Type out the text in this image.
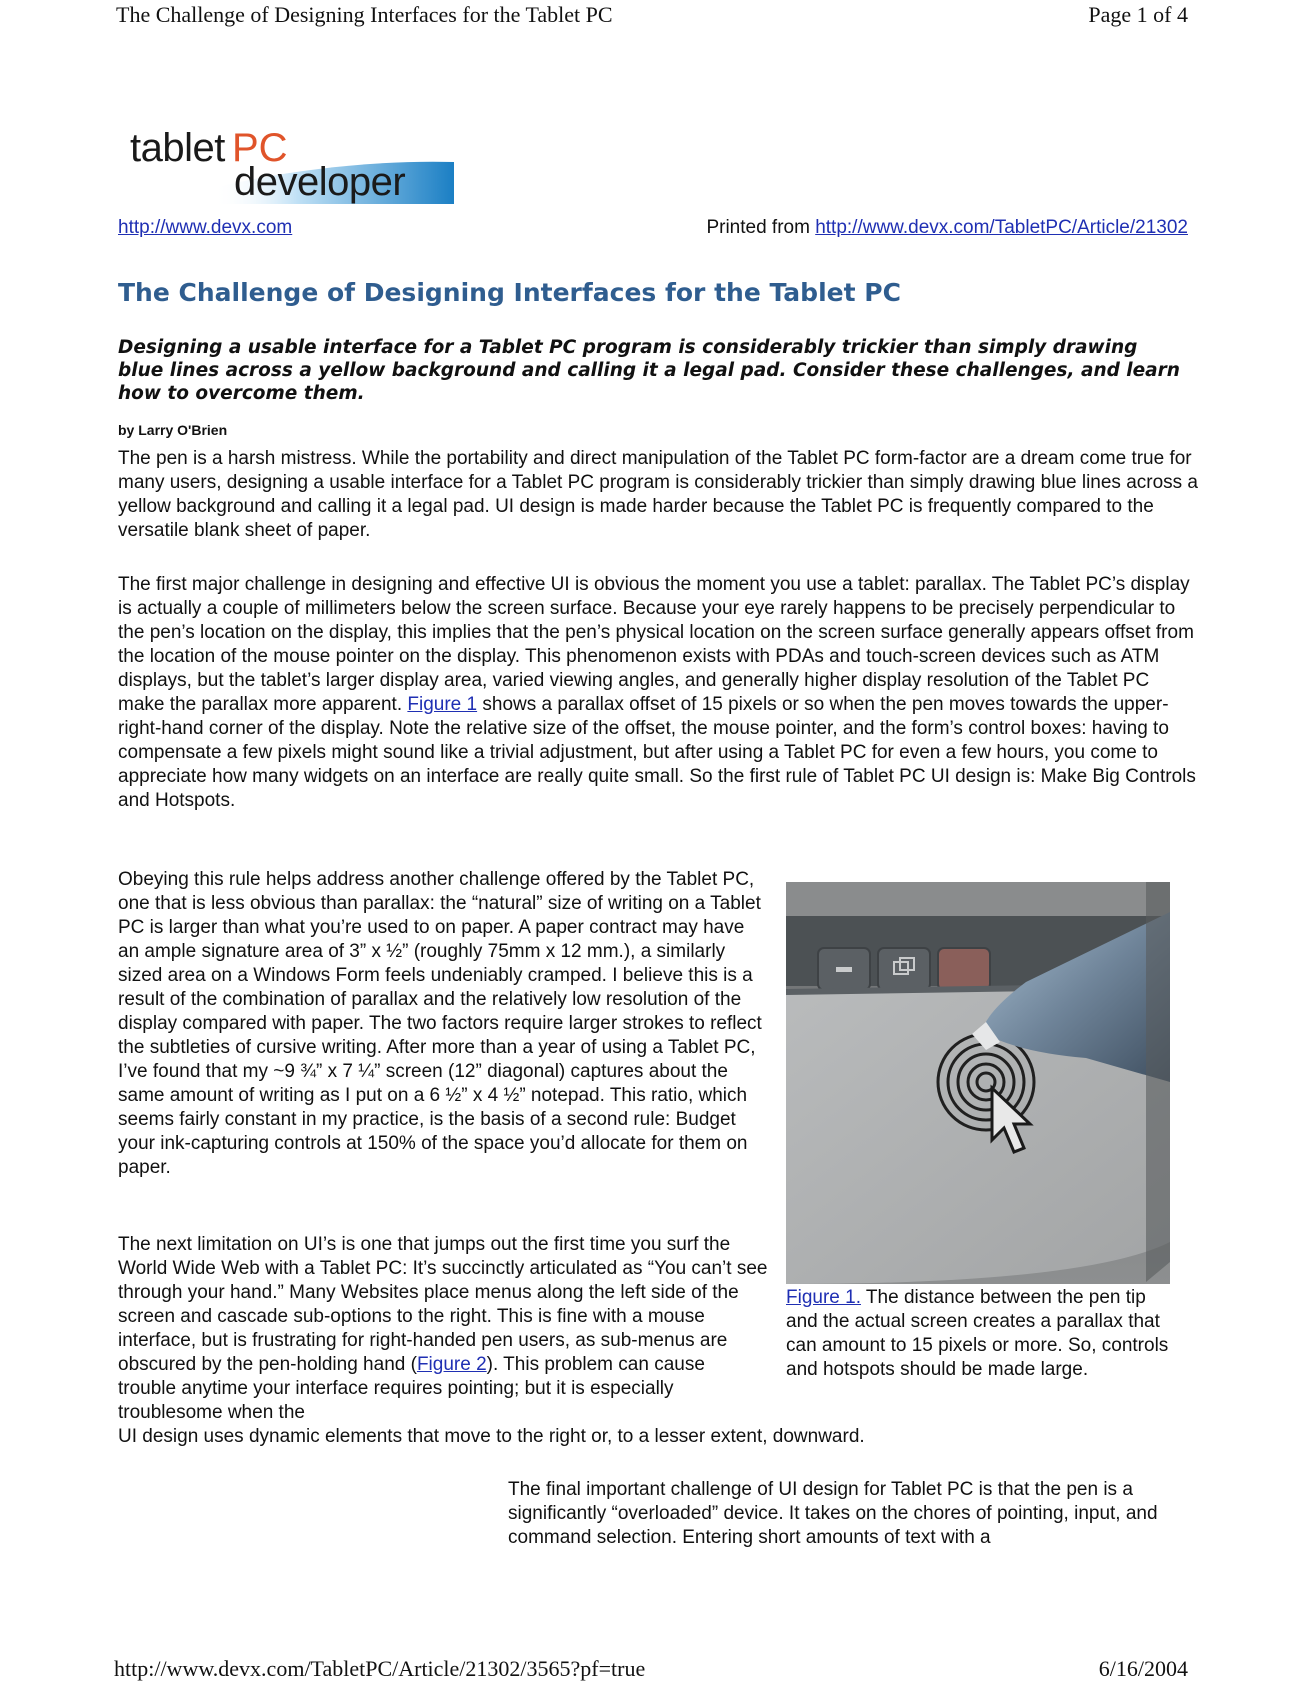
The Challenge of Designing Interfaces for the Tablet PC	Page 1 of 4
tablet PC
developer
http://www.devx.com	Printed from http://www.devx.com/TabletPC/Article/21302
The Challenge of Designing Interfaces for the Tablet PC

Designing a usable interface for a Tablet PC program is considerably trickier than simply drawing blue lines across a yellow background and calling it a legal pad. Consider these challenges, and learn how to overcome them.

by Larry O'Brien

The pen is a harsh mistress. While the portability and direct manipulation of the Tablet PC form-factor are a dream come true for many users, designing a usable interface for a Tablet PC program is considerably trickier than simply drawing blue lines across a yellow background and calling it a legal pad. UI design is made harder because the Tablet PC is frequently compared to the versatile blank sheet of paper.

The first major challenge in designing and effective UI is obvious the moment you use a tablet: parallax. The Tablet PC’s display is actually a couple of millimeters below the screen surface. Because your eye rarely happens to be precisely perpendicular to the pen’s location on the display, this implies that the pen’s physical location on the screen surface generally appears offset from the location of the mouse pointer on the display. This phenomenon exists with PDAs and touch-screen devices such as ATM displays, but the tablet’s larger display area, varied viewing angles, and generally higher display resolution of the Tablet PC make the parallax more apparent. Figure 1 shows a parallax offset of 15 pixels or so when the pen moves towards the upper-right-hand corner of the display. Note the relative size of the offset, the mouse pointer, and the form’s control boxes: having to compensate a few pixels might sound like a trivial adjustment, but after using a Tablet PC for even a few hours, you come to appreciate how many widgets on an interface are really quite small. So the first rule of Tablet PC UI design is: Make Big Controls and Hotspots.

Obeying this rule helps address another challenge offered by the Tablet PC, one that is less obvious than parallax: the “natural” size of writing on a Tablet PC is larger than what you’re used to on paper. A paper contract may have an ample signature area of 3” x ½” (roughly 75mm x 12 mm.), a similarly sized area on a Windows Form feels undeniably cramped. I believe this is a result of the combination of parallax and the relatively low resolution of the display compared with paper. The two factors require larger strokes to reflect the subtleties of cursive writing. After more than a year of using a Tablet PC, I’ve found that my ~9 ¾” x 7 ¼” screen (12” diagonal) captures about the same amount of writing as I put on a 6 ½” x 4 ½” notepad. This ratio, which seems fairly constant in my practice, is the basis of a second rule: Budget your ink-capturing controls at 150% of the space you’d allocate for them on paper.

The next limitation on UI’s is one that jumps out the first time you surf the World Wide Web with a Tablet PC: It’s succinctly articulated as “You can’t see through your hand.” Many Websites place menus along the left side of the screen and cascade sub-options to the right. This is fine with a mouse interface, but is frustrating for right-handed pen users, as sub-menus are obscured by the pen-holding hand (Figure 2). This problem can cause trouble anytime your interface requires pointing; but it is especially troublesome when the

UI design uses dynamic elements that move to the right or, to a lesser extent, downward.

Figure 1. The distance between the pen tip and the actual screen creates a parallax that can amount to 15 pixels or more. So, controls and hotspots should be made large.

The final important challenge of UI design for Tablet PC is that the pen is a significantly “overloaded” device. It takes on the chores of pointing, input, and command selection. Entering short amounts of text with a

http://www.devx.com/TabletPC/Article/21302/3565?pf=true	6/16/2004
